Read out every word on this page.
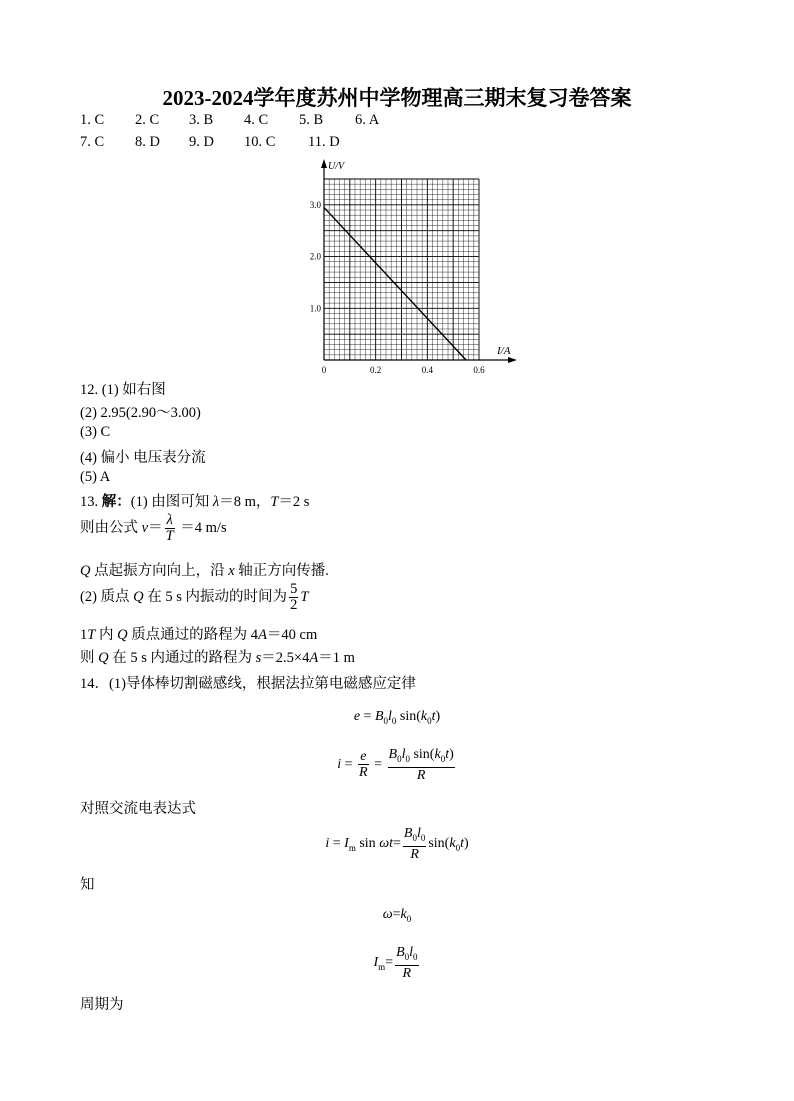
2023-2024学年度苏州中学物理高三期末复习卷答案
1. C 2. C 3. B 4. C 5. B 6. A
7. C 8. D 9. D 10. C 11. D
I/A
U/V
0	0.2	0.4	0.6
1.0
2.0
3.0
12. (1) 如右图
(2) 2.95(2.90～3.00)
(3) C
(4) 偏小 电压表分流
(5) A
13. 解：(1) 由图可知 λ＝8 m，T＝2 s
则由公式 $v= \frac{\lambda}{T} =4$ m/s
Q 点起振方向向上，沿 x 轴正方向传播.
(2) 质点 Q 在 5 s 内振动的时间为 $\frac{5}{2}$ T
1T 内 Q 质点通过的路程为 4A＝40 cm
则 Q 在 5 s 内通过的路程为 s＝2.5×4A＝1 m
14．(1)导体棒切割磁感线，根据法拉第电磁感应定律
$e = B_0l_0$ $\sin(k_0t)$
$i = \frac{e}{R} = \frac{B_0l_0 \sin(k_0t)}{R}$
对照交流电表达式
$i = I_m$ $\sin \omega t= \frac{B_0l_0}{R} \sin(k_0t)$
知
$\omega=k_0$
$I_m= \frac{B_0l_0}{R}$
周期为
